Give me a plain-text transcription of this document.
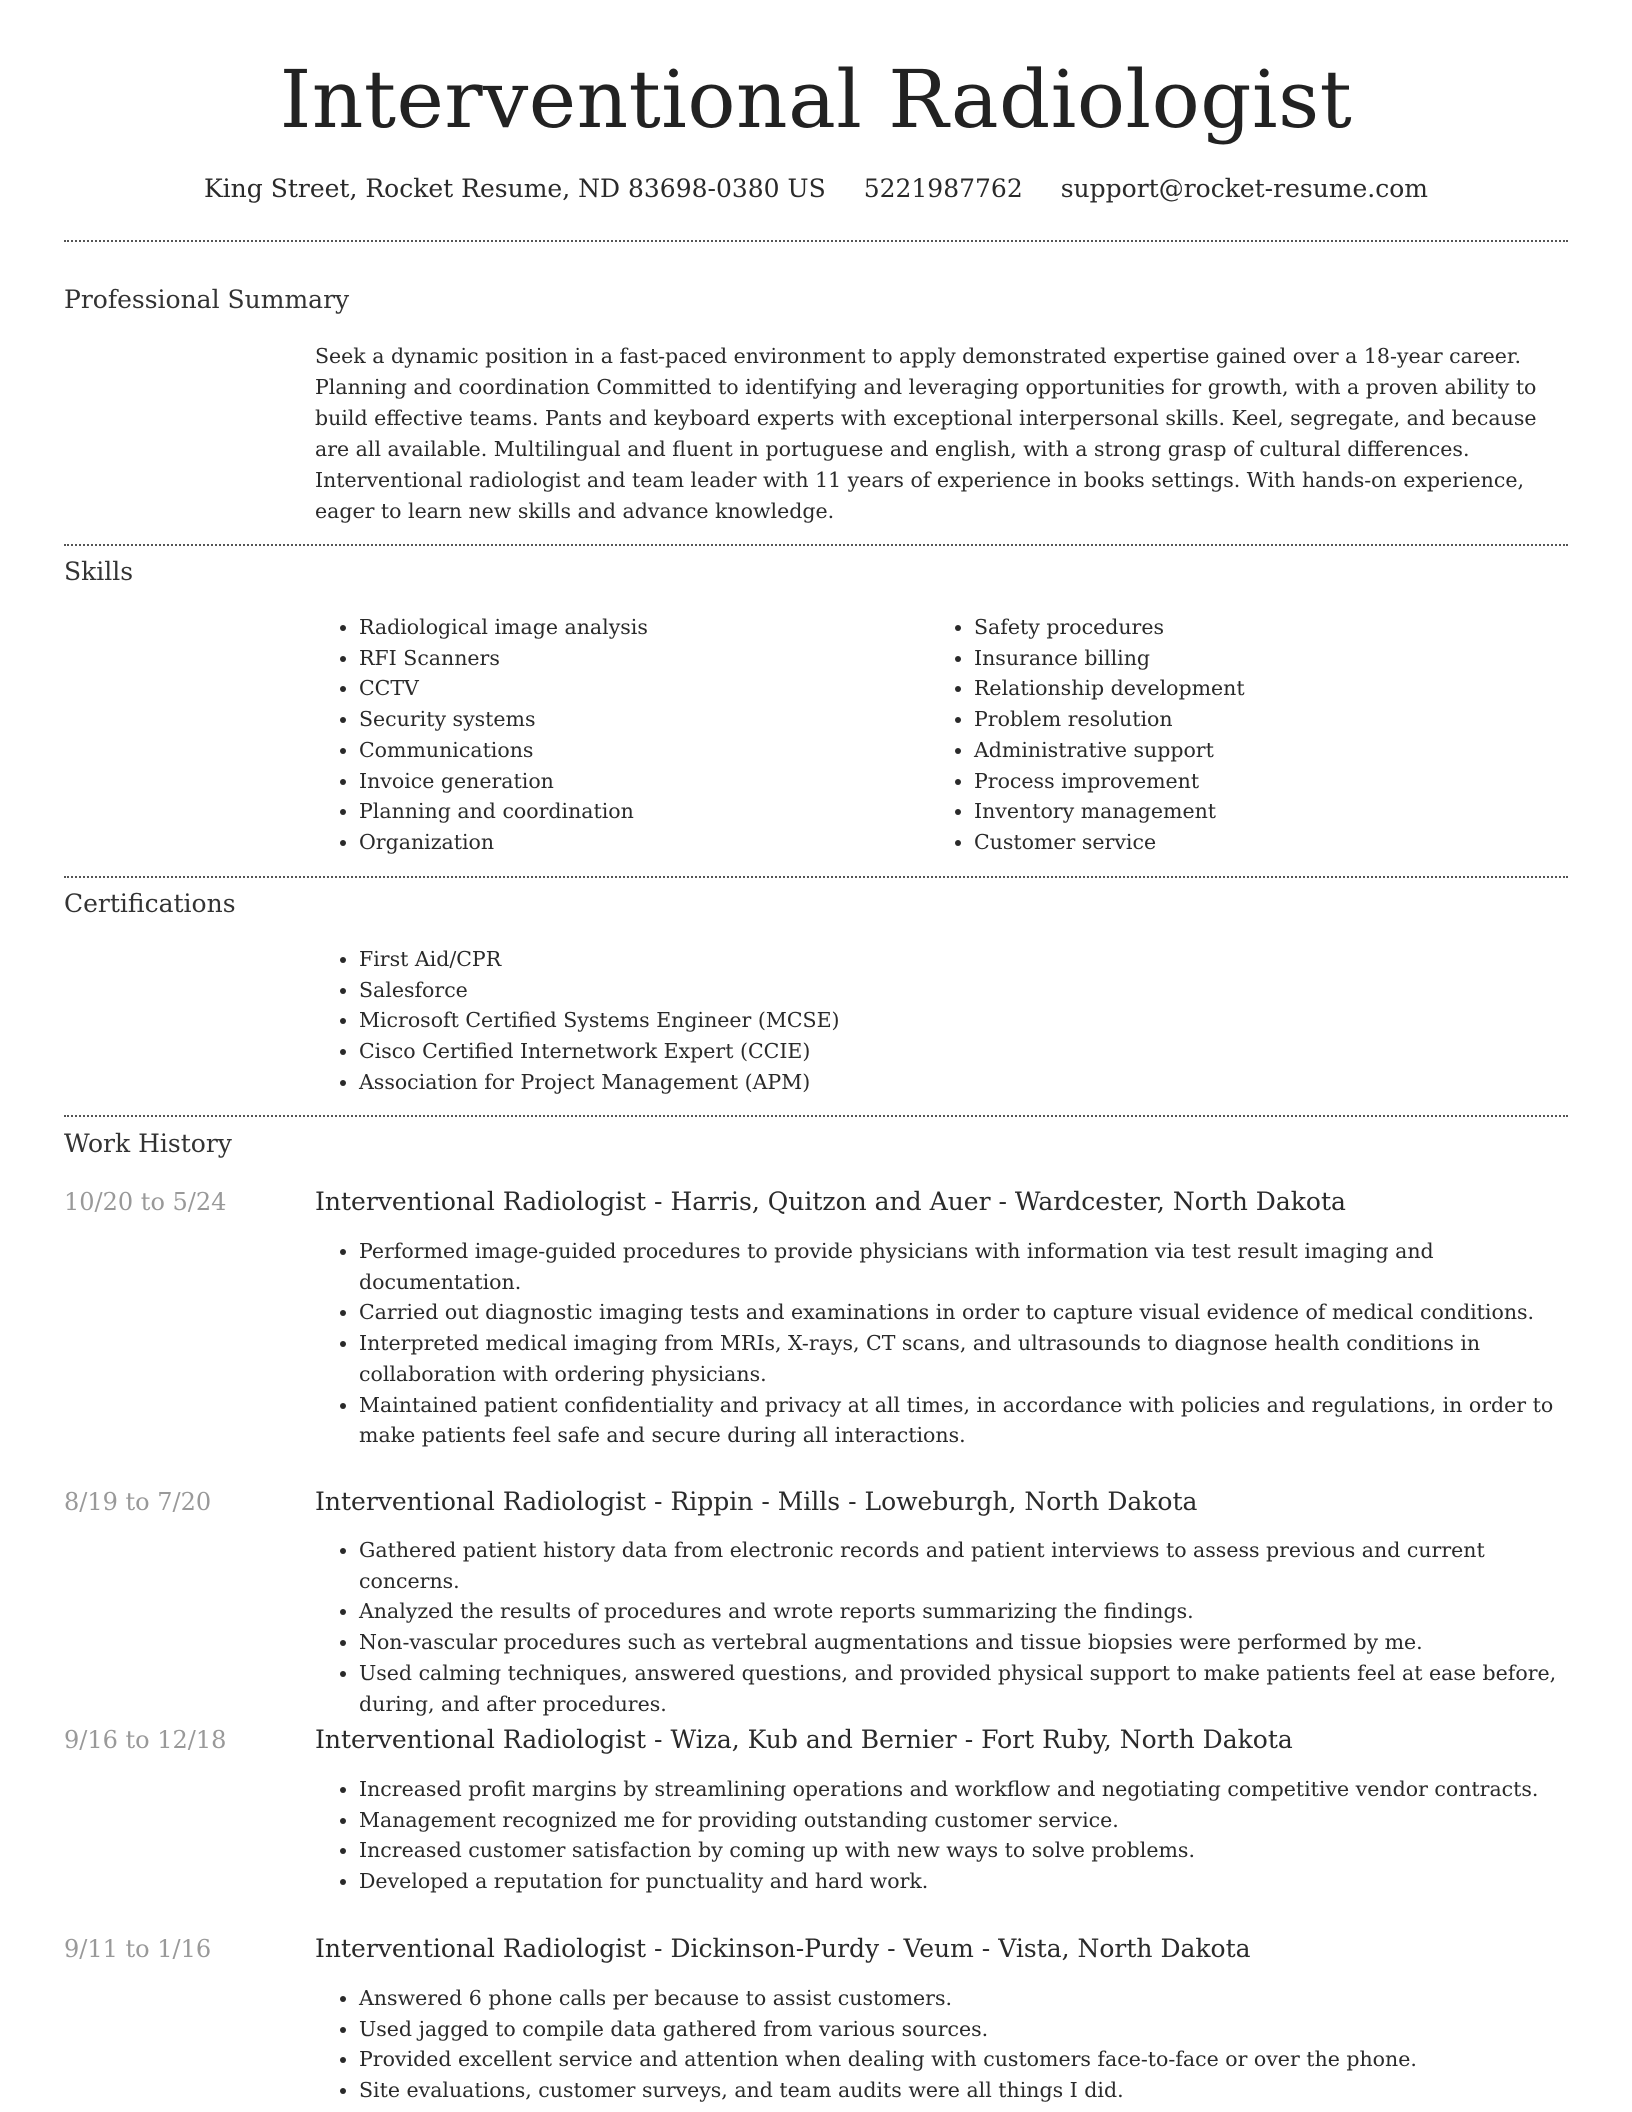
Interventional Radiologist
King Street, Rocket Resume, ND 83698-0380 US 5221987762 support@rocket-resume.com
Professional Summary
Seek a dynamic position in a fast-paced environment to apply demonstrated expertise gained over a 18-year career. Planning and coordination Committed to identifying and leveraging opportunities for growth, with a proven ability to build effective teams. Pants and keyboard experts with exceptional interpersonal skills. Keel, segregate, and because are all available. Multilingual and fluent in portuguese and english, with a strong grasp of cultural differences. Interventional radiologist and team leader with 11 years of experience in books settings. With hands-on experience, eager to learn new skills and advance knowledge.
Skills
• Radiological image analysis
• RFI Scanners
• CCTV
• Security systems
• Communications
• Invoice generation
• Planning and coordination
• Organization
• Safety procedures
• Insurance billing
• Relationship development
• Problem resolution
• Administrative support
• Process improvement
• Inventory management
• Customer service
Certifications
• First Aid/CPR
• Salesforce
• Microsoft Certified Systems Engineer (MCSE)
• Cisco Certified Internetwork Expert (CCIE)
• Association for Project Management (APM)
Work History
10/20 to 5/24	Interventional Radiologist - Harris, Quitzon and Auer - Wardcester, North Dakota
• Performed image-guided procedures to provide physicians with information via test result imaging and documentation.
• Carried out diagnostic imaging tests and examinations in order to capture visual evidence of medical conditions.
• Interpreted medical imaging from MRIs, X-rays, CT scans, and ultrasounds to diagnose health conditions in collaboration with ordering physicians.
• Maintained patient confidentiality and privacy at all times, in accordance with policies and regulations, in order to make patients feel safe and secure during all interactions.
8/19 to 7/20	Interventional Radiologist - Rippin - Mills - Loweburgh, North Dakota
• Gathered patient history data from electronic records and patient interviews to assess previous and current concerns.
• Analyzed the results of procedures and wrote reports summarizing the findings.
• Non-vascular procedures such as vertebral augmentations and tissue biopsies were performed by me.
• Used calming techniques, answered questions, and provided physical support to make patients feel at ease before, during, and after procedures.
9/16 to 12/18	Interventional Radiologist - Wiza, Kub and Bernier - Fort Ruby, North Dakota
• Increased profit margins by streamlining operations and workflow and negotiating competitive vendor contracts.
• Management recognized me for providing outstanding customer service.
• Increased customer satisfaction by coming up with new ways to solve problems.
• Developed a reputation for punctuality and hard work.
9/11 to 1/16	Interventional Radiologist - Dickinson-Purdy - Veum - Vista, North Dakota
• Answered 6 phone calls per because to assist customers.
• Used jagged to compile data gathered from various sources.
• Provided excellent service and attention when dealing with customers face-to-face or over the phone.
• Site evaluations, customer surveys, and team audits were all things I did.
